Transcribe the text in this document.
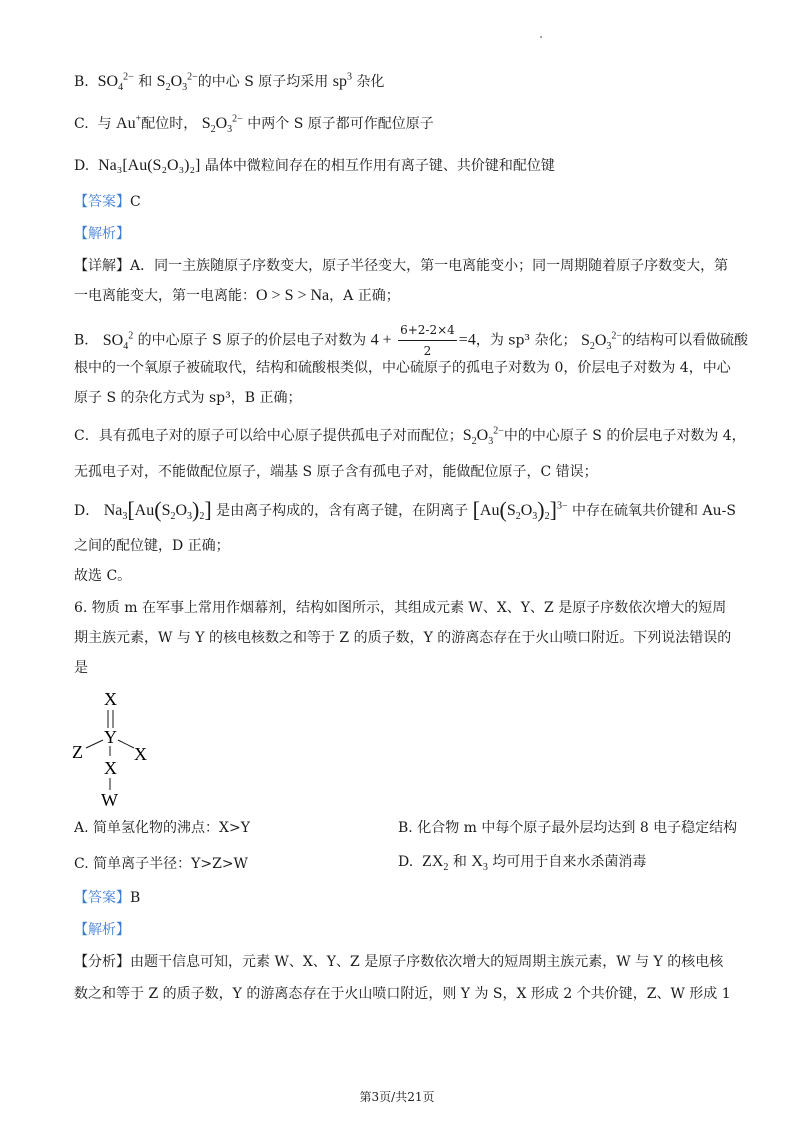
B. $SO_4^{2-}$ 和 $S_2O_3^{2-}$的中心 S 原子均采用 $sp^3$ 杂化
C. 与 Au+配位时， $S_2O_3^{2-}$ 中两个 S 原子都可作配位原子
D. Na₃[Au(S₂O₃)₂] 晶体中微粒间存在的相互作用有离子键、共价键和配位键
【答案】C
【解析】
【详解】A．同一主族随原子序数变大，原子半径变大，第一电离能变小；同一周期随着原子序数变大，第
一电离能变大，第一电离能：O > S > Na，A 正确；
B． $SO_4^2$ 的中心原子 S 原子的价层电子对数为 $4 + \frac{6+2-2\times 4}{2} =4$，为 sp³ 杂化； $S_2O_3^{2-}$的结构可以看做硫酸
根中的一个氧原子被硫取代，结构和硫酸根类似，中心硫原子的孤电子对数为 0，价层电子对数为 4，中心
原子 S 的杂化方式为 sp³，B 正确；
C．具有孤电子对的原子可以给中心原子提供孤电子对而配位；$S_2O_3^{2-}$中的中心原子 S 的价层电子对数为 4，
无孤电子对，不能做配位原子，端基 S 原子含有孤电子对，能做配位原子，C 错误；
D． $Na_3[Au(S_2O_3)_2]$ 是由离子构成的，含有离子键，在阴离子 $[Au(S_2O_3)_2]^{3-}$ 中存在硫氧共价键和 Au-S
之间的配位键，D 正确；
故选 C。
6. 物质 m 在军事上常用作烟幕剂，结构如图所示，其组成元素 W、X、Y、Z 是原子序数依次增大的短周
期主族元素，W 与 Y 的核电核数之和等于 Z 的质子数，Y 的游离态存在于火山喷口附近。下列说法错误的
是
X
Y
Z	X
X
W
A. 简单氢化物的沸点：X>Y	B. 化合物 m 中每个原子最外层均达到 8 电子稳定结构
C. 简单离子半径：Y>Z>W	D. $ZX_2$ 和 $X_3$ 均可用于自来水杀菌消毒
【答案】B
【解析】
【分析】由题干信息可知，元素 W、X、Y、Z 是原子序数依次增大的短周期主族元素，W 与 Y 的核电核
数之和等于 Z 的质子数，Y 的游离态存在于火山喷口附近，则 Y 为 S，X 形成 2 个共价键，Z、W 形成 1
第3页/共21页
